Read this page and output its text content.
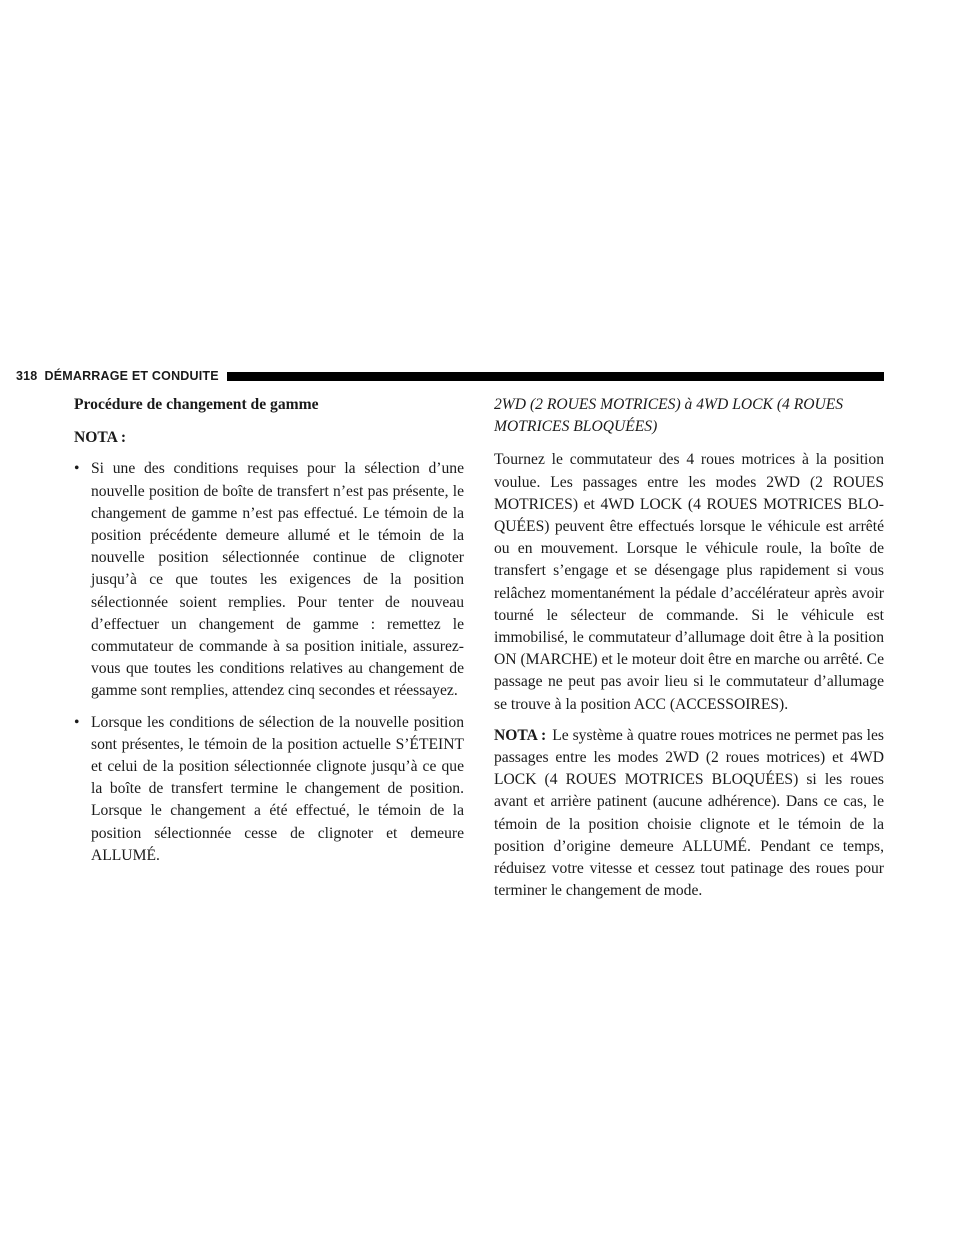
318 DÉMARRAGE ET CONDUITE

Procédure de changement de gamme

NOTA :

• Si une des conditions requises pour la sélection d’une nouvelle position de boîte de transfert n’est pas présente, le changement de gamme n’est pas effectué. Le témoin de la position précédente demeure allumé et le témoin de la nouvelle position sélectionnée continue de clignoter jusqu’à ce que toutes les exigences de la position sélectionnée soient remplies. Pour tenter de nouveau d’effectuer un changement de gamme : remettez le commutateur de commande à sa position initiale, assurez-vous que toutes les conditions relatives au changement de gamme sont remplies, attendez cinq secondes et réessayez.
• Lorsque les conditions de sélection de la nouvelle position sont présentes, le témoin de la position actuelle S’ÉTEINT et celui de la position sélectionnée clignote jusqu’à ce que la boîte de transfert termine le changement de position. Lorsque le changement a été effectué, le témoin de la position sélectionnée cesse de clignoter et demeure ALLUMÉ.

2WD (2 ROUES MOTRICES) à 4WD LOCK (4 ROUES MOTRICES BLOQUÉES)

Tournez le commutateur des 4 roues motrices à la position voulue. Les passages entre les modes 2WD (2 ROUES MOTRICES) et 4WD LOCK (4 ROUES MOTRICES BLOQUÉES) peuvent être effectués lorsque le véhicule est arrêté ou en mouvement. Lorsque le véhicule roule, la boîte de transfert s’engage et se désengage plus rapidement si vous relâchez momentanément la pédale d’accélérateur après avoir tourné le sélecteur de commande. Si le véhicule est immobilisé, le commutateur d’allumage doit être à la position ON (MARCHE) et le moteur doit être en marche ou arrêté. Ce passage ne peut pas avoir lieu si le commutateur d’allumage se trouve à la position ACC (ACCESSOIRES).

NOTA : Le système à quatre roues motrices ne permet pas les passages entre les modes 2WD (2 roues motrices) et 4WD LOCK (4 ROUES MOTRICES BLOQUÉES) si les roues avant et arrière patinent (aucune adhérence). Dans ce cas, le témoin de la position choisie clignote et le témoin de la position d’origine demeure ALLUMÉ. Pendant ce temps, réduisez votre vitesse et cessez tout patinage des roues pour terminer le changement de mode.
